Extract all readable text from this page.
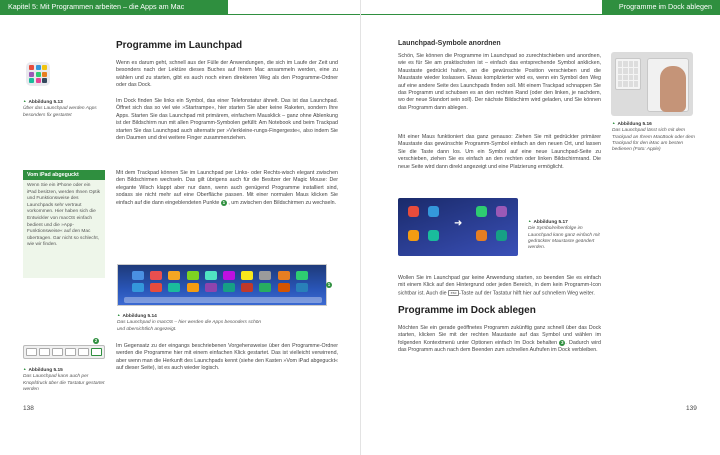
Kapitel 5: Mit Programmen arbeiten – die Apps am Mac
▲ Abbildung 5.13
Über das Launchpad werden Apps besonders fix gestartet
Programme im Launchpad

Wenn es darum geht, schnell aus der Fülle der Anwendungen, die sich im Laufe der Zeit und besonders nach der Lektüre dieses Buches auf Ihrem Mac ansammeln werden, eine zu wählen und zu starten, gibt es auch noch einen direkteren Weg als den Programme-Ordner oder das Dock.

Im Dock finden Sie links ein Symbol, das einer Telefonstatur ähnelt. Das ist das Launchpad. Öffnet sich das so viel wie »Startrampe«, hier starten Sie aber keine Raketen, sondern Ihre Apps. Starten Sie das Launchpad mit primärem, einfachem Mausklick – ganz ohne Ablenkung ist der Bildschirm nun mit allen Programm-Symbolen gefüllt: Am Notebook und beim Trackpad starten Sie das Launchpad auch alternativ per »Vierkleine-rungs-Fingergeste«, also indem Sie den Daumen und drei weitere Finger zusammenziehen.

Mit dem Trackpad können Sie im Launchpad per Links- oder Rechts-wisch elegant zwischen den Bildschirmen wechseln. Das gilt übrigens auch für die Besitzer der Magic Mouse: Der elegante Wisch klappt aber nur dann, wenn auch genügend Programme installiert sind, sodass sie nicht mehr auf eine Oberfläche passen. Mit einer normalen Maus klicken Sie einfach auf die dann eingeblendeten Punkte 1 , um zwischen den Bildschirmen zu wechseln.

Vom iPad abgeguckt
Wenn Sie ein iPhone oder ein iPad besitzen, werden Ihnen Optik und Funktionsweise des Launchpads sehr vertraut vorkommen. Hier haben sich die Entwickler von macOS einfach bedient und die »App-Funktionsweise« auf den Mac übertragen. Gar nicht so schlecht, wie wir finden.
1
▲ Abbildung 5.14
Das Launchpad in macOS – hier werden die Apps besonders schön und übersichtlich angezeigt.
2
▲ Abbildung 5.15
Das Launchpad kann auch per Knopfdruck über die Tastatur gestartet werden

Im Gegensatz zu der eingangs beschriebenen Vorgehensweise über den Programme-Ordner werden die Programme hier mit einem einfachen Klick gestartet. Das ist vielleicht verwirrend, aber wenn man die Herkunft des Launchpads kennt (siehe den Kasten »Vom iPad abgeguckt« auf dieser Seite), ist es auch wieder logisch.

138
Programme im Dock ablegen
Launchpad-Symbole anordnen

Schön, Sie können die Programme im Launchpad so zurechtschieben und anordnen, wie es für Sie am praktischsten ist – einfach das entsprechende Symbol anklicken, Maustaste gedrückt halten, an die gewünschte Position verschieben und die Maustaste wieder loslassen. Etwas komplizierter wird es, wenn ein Symbol den Weg auf eine andere Seite des Launchpads finden soll. Mit einem Trackpad schnappen Sie das Programm und schubsen es an den rechten Rand (oder den linken, je nachdem, wo der neue Standort sein soll). Der nächste Bildschirm wird geladen, und Sie können das Programm dann ablegen.

Mit einer Maus funktioniert das ganz genauso: Ziehen Sie mit gedrückter primärer Maustaste das gewünschte Programm-Symbol einfach an den neuen Ort, und lassen Sie die Taste dann los. Um ein Symbol auf eine neue Launchpad-Seite zu verschieben, ziehen Sie es einfach an den rechten oder linken Bildschirmrand. Die neue Seite wird dann direkt angezeigt und eine Platzierung ermöglicht.

▲ Abbildung 5.16
Das Launchpad lässt sich mit dem Trackpad an Ihrem MacBook oder dem Trackpad für den iMac am besten bedienen (Foto: Apple)
➜
▲	Abbildung 5.17
Die Symbolreihenfolge im Launchpad kann ganz einfach mit gedrückter Maustaste geändert werden.

Wollen Sie im Launchpad gar keine Anwendung starten, so beenden Sie es einfach mit einem Klick auf den Hintergrund oder jeden Bereich, in dem kein Programm-Icon sichtbar ist. Auch die esc -Taste auf der Tastatur hilft hier auf schnellem Weg weiter.

Programme im Dock ablegen

Möchten Sie ein gerade geöffnetes Programm zukünftig ganz schnell über das Dock starten, klicken Sie mit der rechten Maustaste auf das Symbol und wählen im folgenden Kontextmenü unter Optionen einfach Im Dock behalten 3 . Dadurch wird das Programm auch nach dem Beenden zum schnellen Aufrufen im Dock verbleiben.

139
